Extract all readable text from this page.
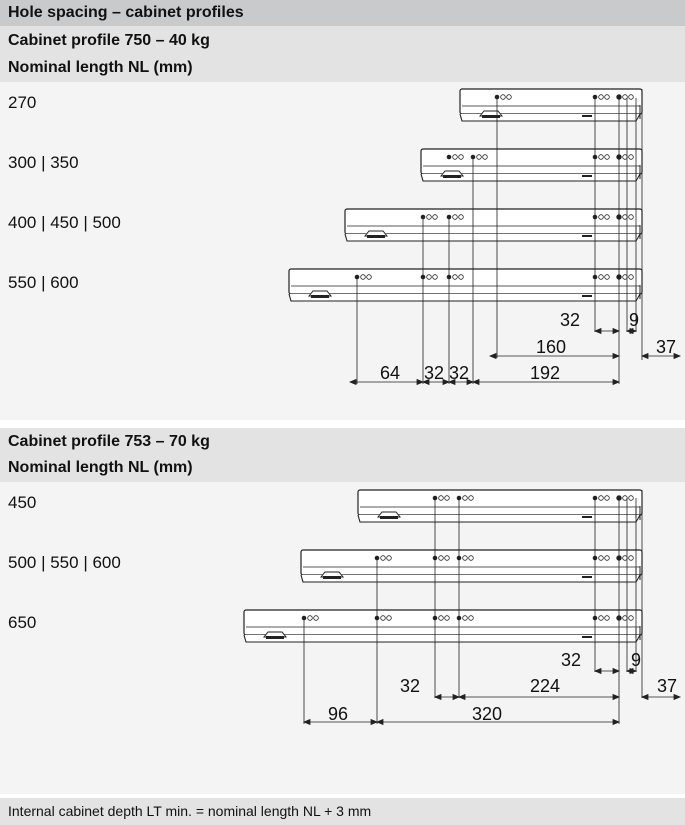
Hole spacing – cabinet profiles
Cabinet profile 750 – 40 kg
Nominal length NL (mm)
270
300 | 350
400 | 450 | 500
550 | 600
Cabinet profile 753 – 70 kg
Nominal length NL (mm)
450
500 | 550 | 600
650
32	9
160	37
64 32 32	192
32	9
32	224	37
96	320
Internal cabinet depth LT min. = nominal length NL + 3 mm
